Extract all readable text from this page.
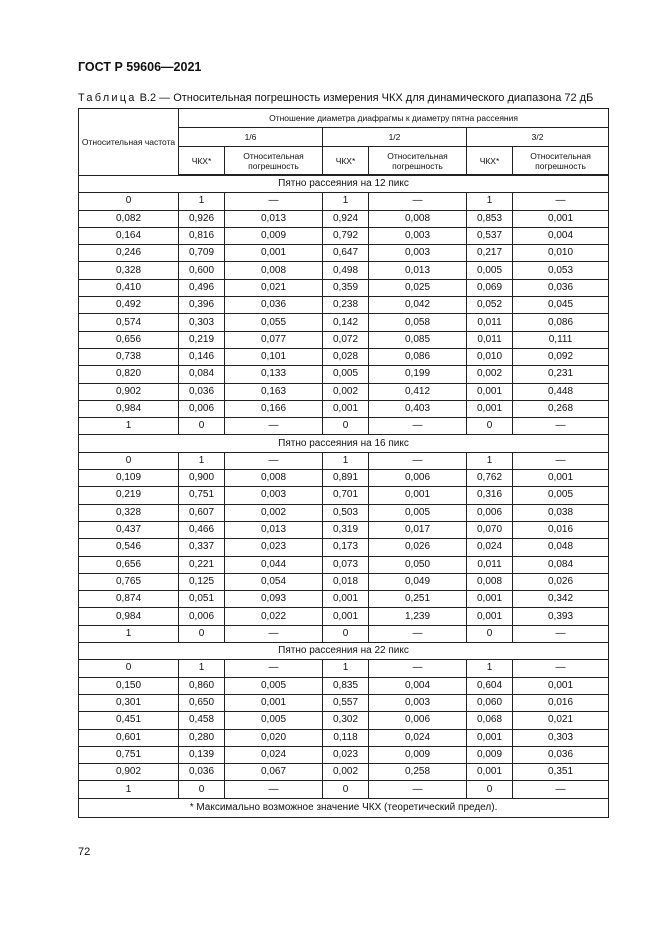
ГОСТ Р 59606—2021
Таблица В.2 — Относительная погрешность измерения ЧКХ для динамического диапазона 72 дБ
Относительная частота	Отношение диаметра диафрагмы к диаметру пятна рассеяния					
	1/6		1/2		3/2	
	ЧКХ*	Относительная погрешность	ЧКХ*	Относительная погрешность	ЧКХ*	Относительная погрешность
Пятно рассеяния на 12 пикс						
0	1	—	1	—	1	—
0,082	0,926	0,013	0,924	0,008	0,853	0,001
0,164	0,816	0,009	0,792	0,003	0,537	0,004
0,246	0,709	0,001	0,647	0,003	0,217	0,010
0,328	0,600	0,008	0,498	0,013	0,005	0,053
0,410	0,496	0,021	0,359	0,025	0,069	0,036
0,492	0,396	0,036	0,238	0,042	0,052	0,045
0,574	0,303	0,055	0,142	0,058	0,011	0,086
0,656	0,219	0,077	0,072	0,085	0,011	0,111
0,738	0,146	0,101	0,028	0,086	0,010	0,092
0,820	0,084	0,133	0,005	0,199	0,002	0,231
0,902	0,036	0,163	0,002	0,412	0,001	0,448
0,984	0,006	0,166	0,001	0,403	0,001	0,268
1	0	—	0	—	0	—
Пятно рассеяния на 16 пикс						
0	1	—	1	—	1	—
0,109	0,900	0,008	0,891	0,006	0,762	0,001
0,219	0,751	0,003	0,701	0,001	0,316	0,005
0,328	0,607	0,002	0,503	0,005	0,006	0,038
0,437	0,466	0,013	0,319	0,017	0,070	0,016
0,546	0,337	0,023	0,173	0,026	0,024	0,048
0,656	0,221	0,044	0,073	0,050	0,011	0,084
0,765	0,125	0,054	0,018	0,049	0,008	0,026
0,874	0,051	0,093	0,001	0,251	0,001	0,342
0,984	0,006	0,022	0,001	1,239	0,001	0,393
1	0	—	0	—	0	—
Пятно рассеяния на 22 пикс						
0	1	—	1	—	1	—
0,150	0,860	0,005	0,835	0,004	0,604	0,001
0,301	0,650	0,001	0,557	0,003	0,060	0,016
0,451	0,458	0,005	0,302	0,006	0,068	0,021
0,601	0,280	0,020	0,118	0,024	0,001	0,303
0,751	0,139	0,024	0,023	0,009	0,009	0,036
0,902	0,036	0,067	0,002	0,258	0,001	0,351
1	0	—	0	—	0	—
* Максимально возможное значение ЧКХ (теоретический предел).						
72
